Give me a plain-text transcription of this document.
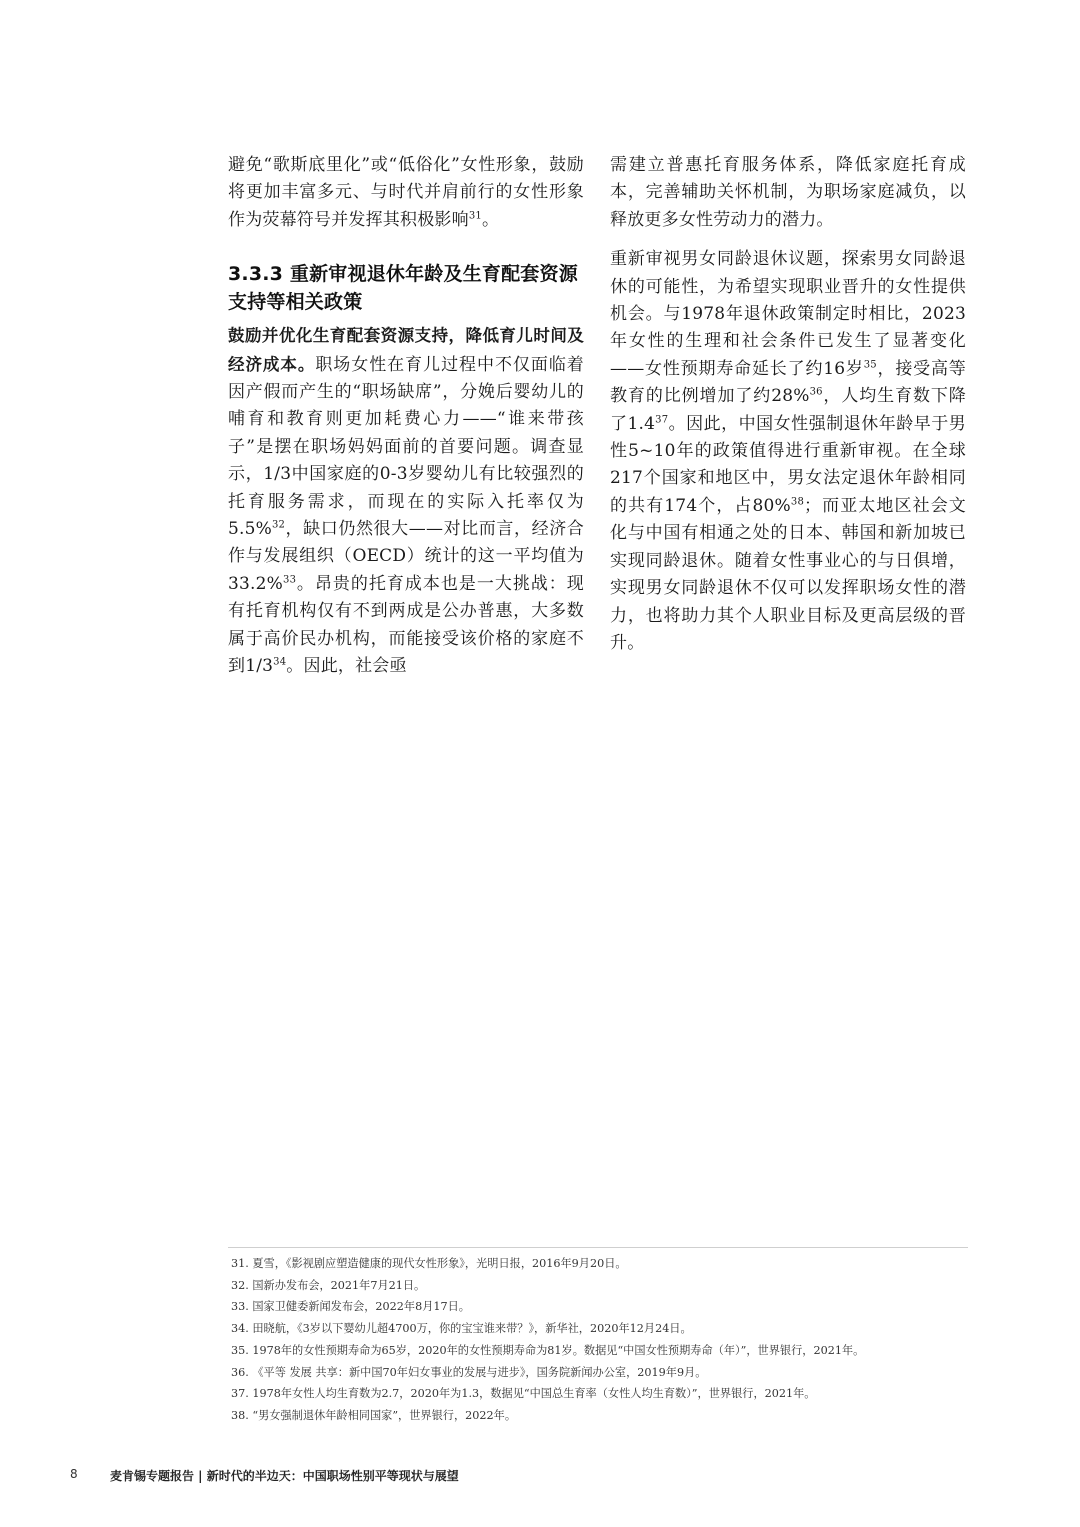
避免“歌斯底里化”或“低俗化”女性形象，鼓励将更加丰富多元、与时代并肩前行的女性形象作为荧幕符号并发挥其积极影响$^{31}$。

3.3.3 重新审视退休年龄及生育配套资源支持等相关政策

鼓励并优化生育配套资源支持，降低育儿时间及经济成本。职场女性在育儿过程中不仅面临着因产假而产生的“职场缺席”，分娩后婴幼儿的哺育和教育则更加耗费心力——“谁来带孩子”是摆在职场妈妈面前的首要问题。调查显示，1/3中国家庭的0-3岁婴幼儿有比较强烈的托育服务需求，而现在的实际入托率仅为5.5%$^{32}$，缺口仍然很大——对比而言，经济合作与发展组织（OECD）统计的这一平均值为33.2%$^{33}$。昂贵的托育成本也是一大挑战：现有托育机构仅有不到两成是公办普惠，大多数属于高价民办机构，而能接受该价格的家庭不到$1/3^{34}$。因此，社会亟

需建立普惠托育服务体系，降低家庭托育成本，完善辅助关怀机制，为职场家庭减负，以释放更多女性劳动力的潜力。

重新审视男女同龄退休议题，探索男女同龄退休的可能性，为希望实现职业晋升的女性提供机会。与1978年退休政策制定时相比，2023年女性的生理和社会条件已发生了显著变化——女性预期寿命延长了约16岁$^{35}$，接受高等教育的比例增加了约28%$^{36}$，人均生育数下降了$1.4^{37}$。因此，中国女性强制退休年龄早于男性5~10年的政策值得进行重新审视。在全球217个国家和地区中，男女法定退休年龄相同的共有174个，占80%$^{38}$；而亚太地区社会文化与中国有相通之处的日本、韩国和新加坡已实现同龄退休。随着女性事业心的与日俱增，实现男女同龄退休不仅可以发挥职场女性的潜力，也将助力其个人职业目标及更高层级的晋升。

31. 夏雪，《影视剧应塑造健康的现代女性形象》，光明日报，2016年9月20日。

32. 国新办发布会，2021年7月21日。

33. 国家卫健委新闻发布会，2022年8月17日。

34. 田晓航，《3岁以下婴幼儿超4700万，你的宝宝谁来带？》，新华社，2020年12月24日。

35. 1978年的女性预期寿命为65岁，2020年的女性预期寿命为81岁。数据见“中国女性预期寿命（年）”，世界银行，2021年。

36. 《平等 发展 共享：新中国70年妇女事业的发展与进步》，国务院新闻办公室，2019年9月。

37. 1978年女性人均生育数为2.7，2020年为1.3，数据见“中国总生育率（女性人均生育数）”，世界银行，2021年。

38. “男女强制退休年龄相同国家”，世界银行，2022年。

8	麦肯锡专题报告 | 新时代的半边天：中国职场性别平等现状与展望
